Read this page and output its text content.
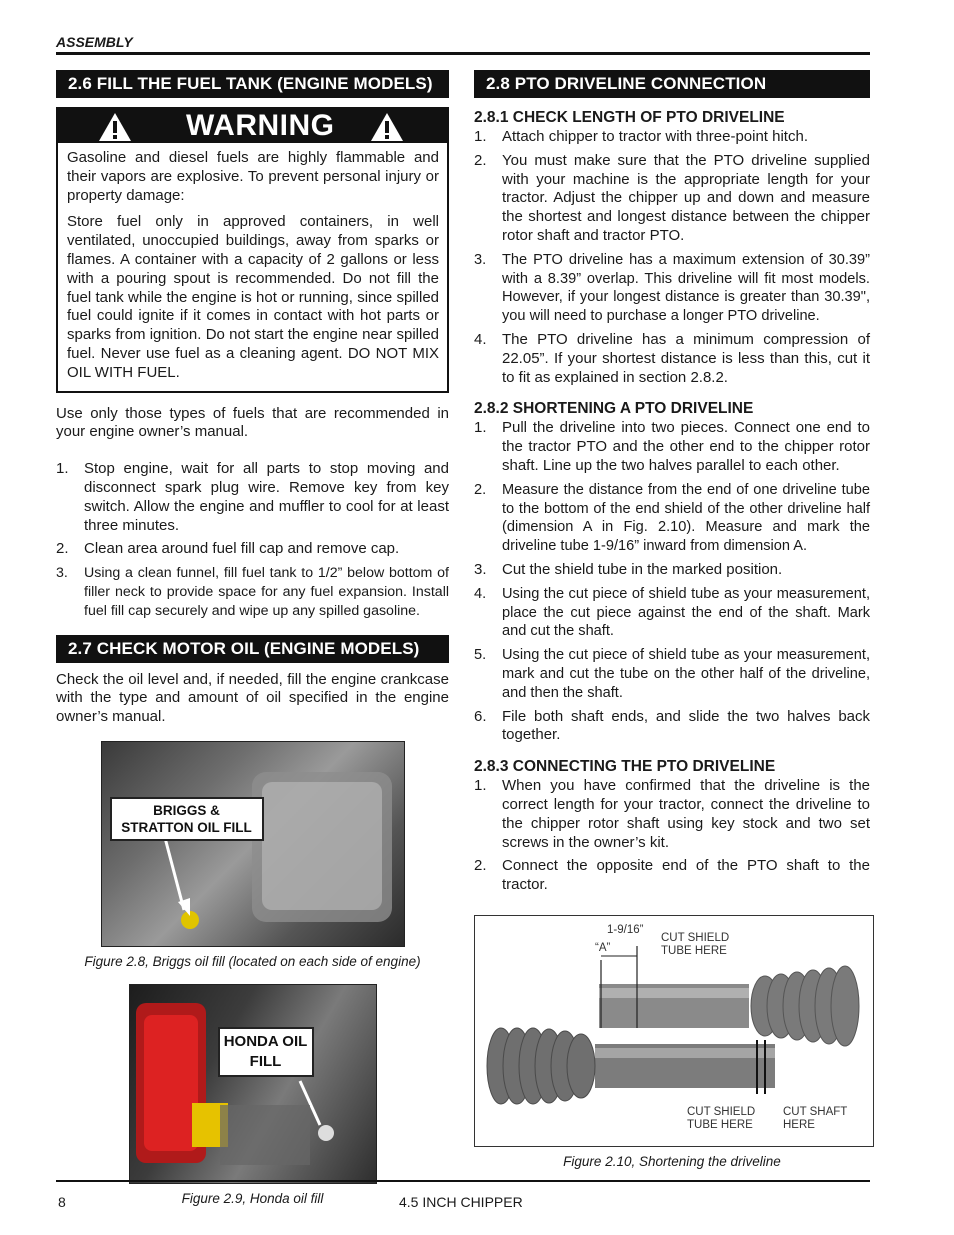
ASSEMBLY
2.6 FILL THE FUEL TANK (ENGINE MODELS)
WARNING

Gasoline and diesel fuels are highly flammable and their vapors are explosive. To prevent personal injury or property damage:

Store fuel only in approved containers, in well ventilated, unoccupied buildings, away from sparks or flames. A container with a capacity of 2 gallons or less with a pouring spout is recommended. Do not fill the fuel tank while the engine is hot or running, since spilled fuel could ignite if it comes in contact with hot parts or sparks from ignition. Do not start the engine near spilled fuel. Never use fuel as a cleaning agent. DO NOT MIX OIL WITH FUEL.

Use only those types of fuels that are recommended in your engine owner’s manual.

1. Stop engine, wait for all parts to stop moving and disconnect spark plug wire. Remove key from key switch. Allow the engine and muffler to cool for at least three minutes.
2. Clean area around fuel fill cap and remove cap.
3. Using a clean funnel, fill fuel tank to 1/2” below bottom of filler neck to provide space for any fuel expansion. Install fuel fill cap securely and wipe up any spilled gasoline.
2.7 CHECK MOTOR OIL (ENGINE MODELS)

Check the oil level and, if needed, fill the engine crankcase with the type and amount of oil specified in the engine owner’s manual.

BRIGGS & STRATTON OIL FILL
Figure 2.8, Briggs oil fill (located on each side of engine)
HONDA OIL FILL
Figure 2.9, Honda oil fill
2.8 PTO DRIVELINE CONNECTION
2.8.1 CHECK LENGTH OF PTO DRIVELINE
1. Attach chipper to tractor with three-point hitch.
2. You must make sure that the PTO driveline supplied with your machine is the appropriate length for your tractor. Adjust the chipper up and down and measure the shortest and longest distance between the chipper rotor shaft and tractor PTO.
3. The PTO driveline has a maximum extension of 30.39” with a 8.39” overlap. This driveline will fit most models. However, if your longest distance is greater than 30.39", you will need to purchase a longer PTO driveline.
4. The PTO driveline has a minimum compression of 22.05”. If your shortest distance is less than this, cut it to fit as explained in section 2.8.2.
2.8.2 SHORTENING A PTO DRIVELINE
1. Pull the driveline into two pieces. Connect one end to the tractor PTO and the other end to the chipper rotor shaft. Line up the two halves parallel to each other.
2. Measure the distance from the end of one driveline tube to the bottom of the end shield of the other driveline half (dimension A in Fig. 2.10). Measure and mark the driveline tube 1-9/16” inward from dimension A.
3. Cut the shield tube in the marked position.
4. Using the cut piece of shield tube as your measurement, place the cut piece against the end of the shaft. Mark and cut the shaft.
5. Using the cut piece of shield tube as your measurement, mark and cut the tube on the other half of the driveline, and then the shaft.
6. File both shaft ends, and slide the two halves back together.
2.8.3 CONNECTING THE PTO DRIVELINE
1. When you have confirmed that the driveline is the correct length for your tractor, connect the driveline to the chipper rotor shaft using key stock and two set screws in the owner’s kit.
2. Connect the opposite end of the PTO shaft to the tractor.
1-9/16”
“A”
CUT SHIELD TUBE HERE
CUT SHIELD TUBE HERE
CUT SHAFT HERE
Figure 2.10, Shortening the driveline
8	4.5 INCH CHIPPER
